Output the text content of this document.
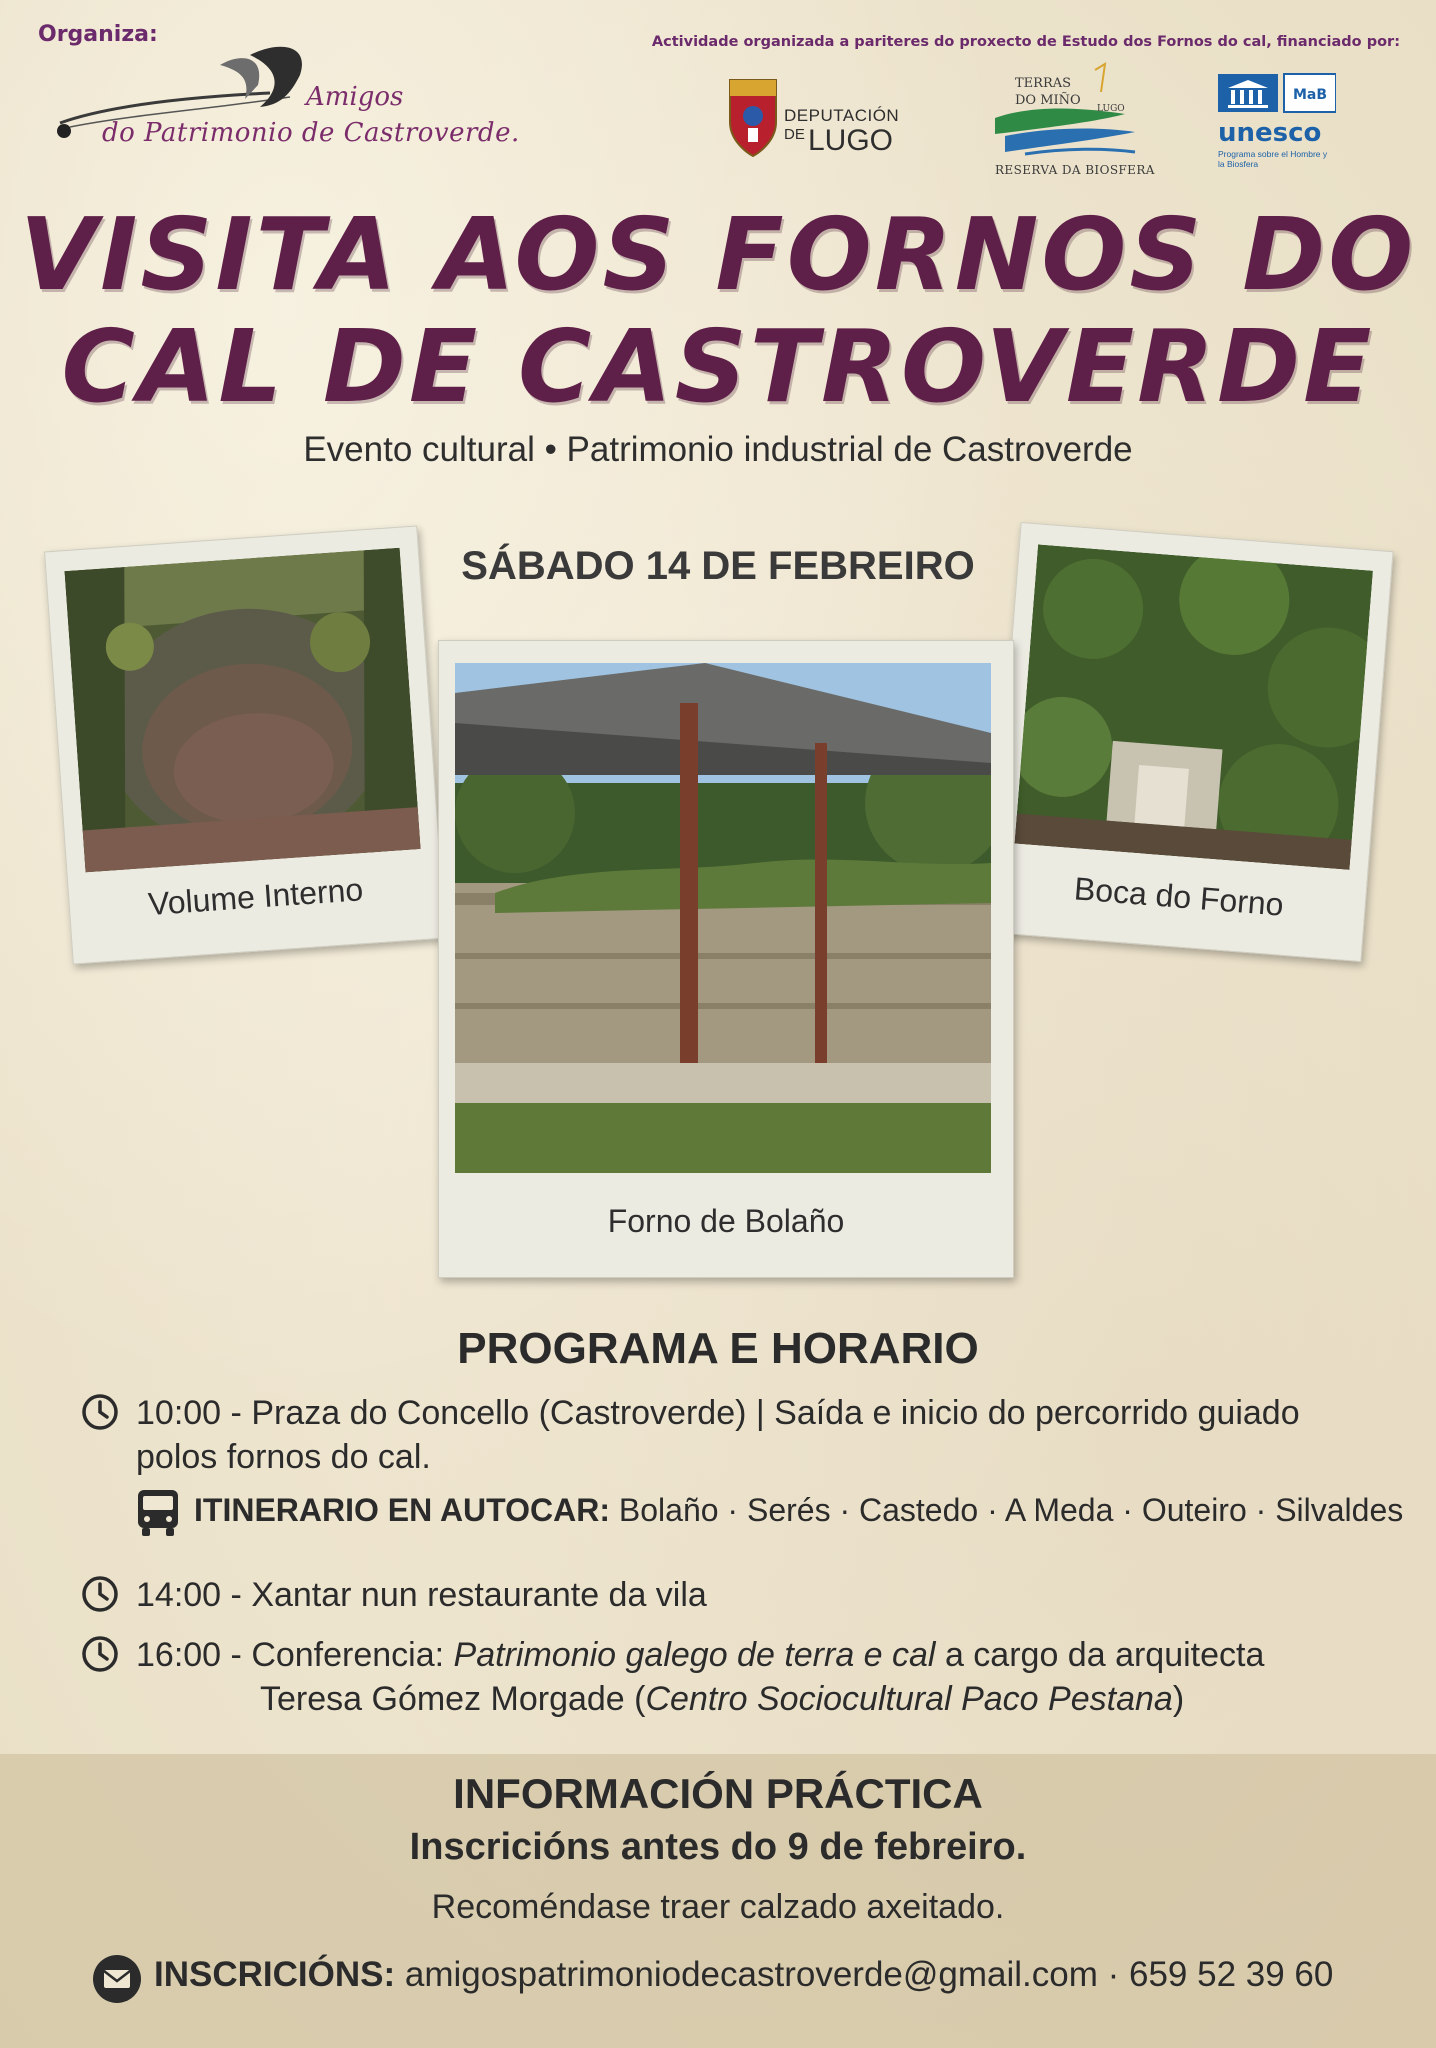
Organiza:
Amigos
do Patrimonio de Castroverde.
Actividade organizada a pariteres do proxecto de Estudo dos Fornos do cal, financiado por:
DEPUTACIÓN
DE LUGO
TERRAS
DO MIÑO
LUGO
RESERVA DA BIOSFERA
MaB
unesco
Programa sobre el Hombre y la Biosfera
VISITA AOS FORNOS DO
CAL DE CASTROVERDE
Evento cultural • Patrimonio industrial de Castroverde
SÁBADO 14 DE FEBREIRO
Volume Interno	Boca do Forno
Forno de Bolaño
PROGRAMA E HORARIO
10:00 - Praza do Concello (Castroverde) | Saída e inicio do percorrido guiado polos fornos do cal.
ITINERARIO EN AUTOCAR: Bolaño · Serés · Castedo · A Meda · Outeiro · Silvaldes
14:00 - Xantar nun restaurante da vila
16:00 - Conferencia: Patrimonio galego de terra e cal a cargo da arquitecta
Teresa Gómez Morgade (Centro Sociocultural Paco Pestana)
INFORMACIÓN PRÁCTICA
Inscricións antes do 9 de febreiro.
Recoméndase traer calzado axeitado.
INSCRICIÓNS: amigospatrimoniodecastroverde@gmail.com · 659 52 39 60
